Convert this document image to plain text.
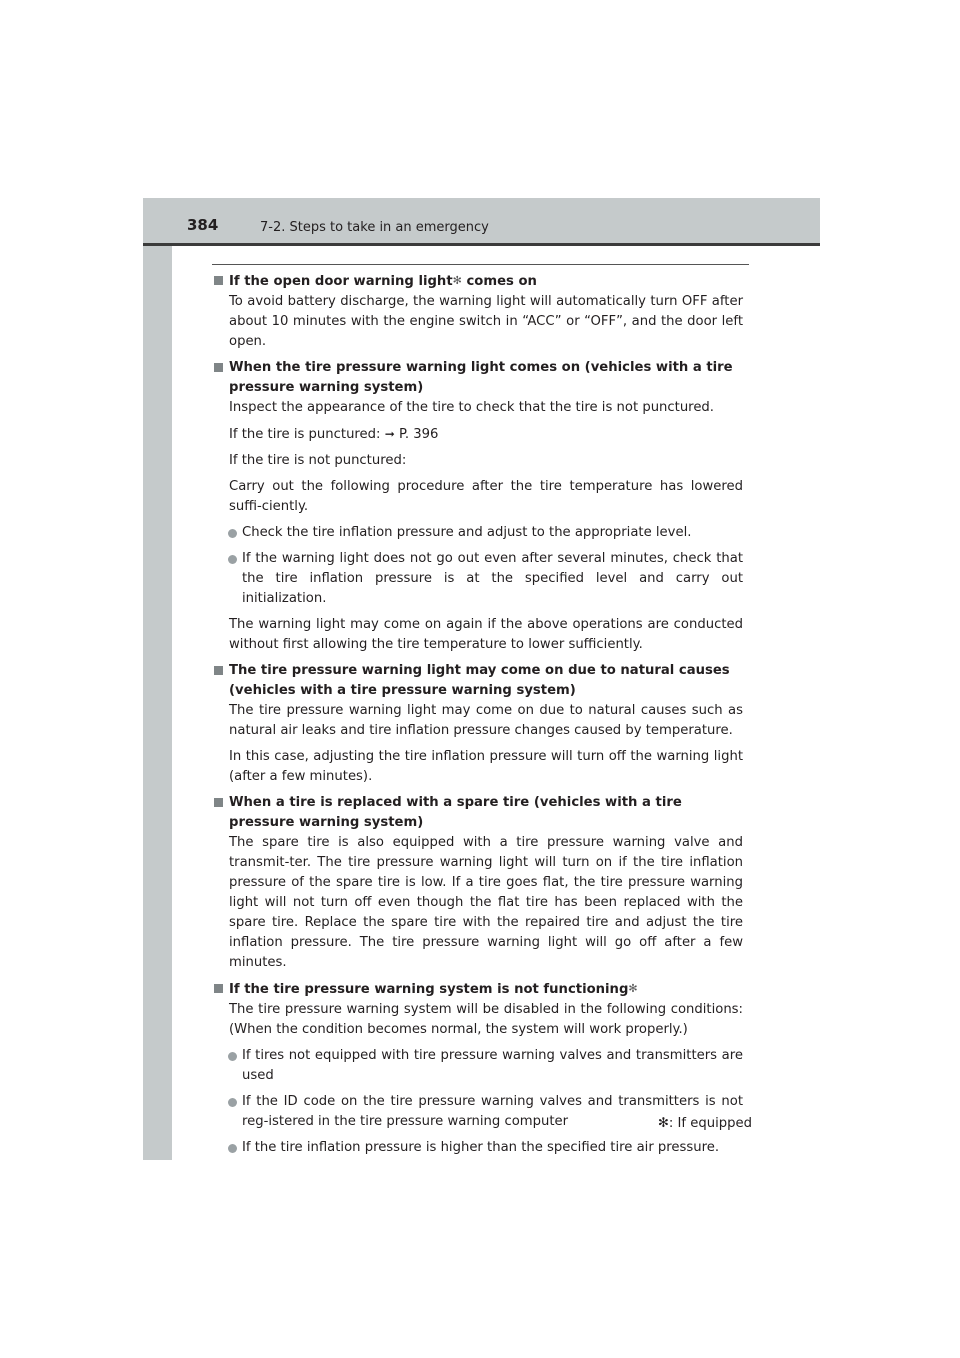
384	7-2. Steps to take in an emergency
If the open door warning light✻ comes on

To avoid battery discharge, the warning light will automatically turn OFF after about 10 minutes with the engine switch in “ACC” or “OFF”, and the door left open.

When the tire pressure warning light comes on (vehicles with a tire pressure warning system)

Inspect the appearance of the tire to check that the tire is not punctured.

If the tire is punctured: ➞ P. 396

If the tire is not punctured:

Carry out the following procedure after the tire temperature has lowered suffi-ciently.

Check the tire inflation pressure and adjust to the appropriate level.
If the warning light does not go out even after several minutes, check that the tire inflation pressure is at the specified level and carry out initialization.

The warning light may come on again if the above operations are conducted without first allowing the tire temperature to lower sufficiently.

The tire pressure warning light may come on due to natural causes (vehicles with a tire pressure warning system)

The tire pressure warning light may come on due to natural causes such as natural air leaks and tire inflation pressure changes caused by temperature.

In this case, adjusting the tire inflation pressure will turn off the warning light (after a few minutes).

When a tire is replaced with a spare tire (vehicles with a tire pressure warning system)

The spare tire is also equipped with a tire pressure warning valve and transmit-ter. The tire pressure warning light will turn on if the tire inflation pressure of the spare tire is low. If a tire goes flat, the tire pressure warning light will not turn off even though the flat tire has been replaced with the spare tire. Replace the spare tire with the repaired tire and adjust the tire inflation pressure. The tire pressure warning light will go off after a few minutes.

If the tire pressure warning system is not functioning✻

The tire pressure warning system will be disabled in the following conditions: (When the condition becomes normal, the system will work properly.)

If tires not equipped with tire pressure warning valves and transmitters are used
If the ID code on the tire pressure warning valves and transmitters is not reg-istered in the tire pressure warning computer
If the tire inflation pressure is higher than the specified tire air pressure.
✻: If equipped
